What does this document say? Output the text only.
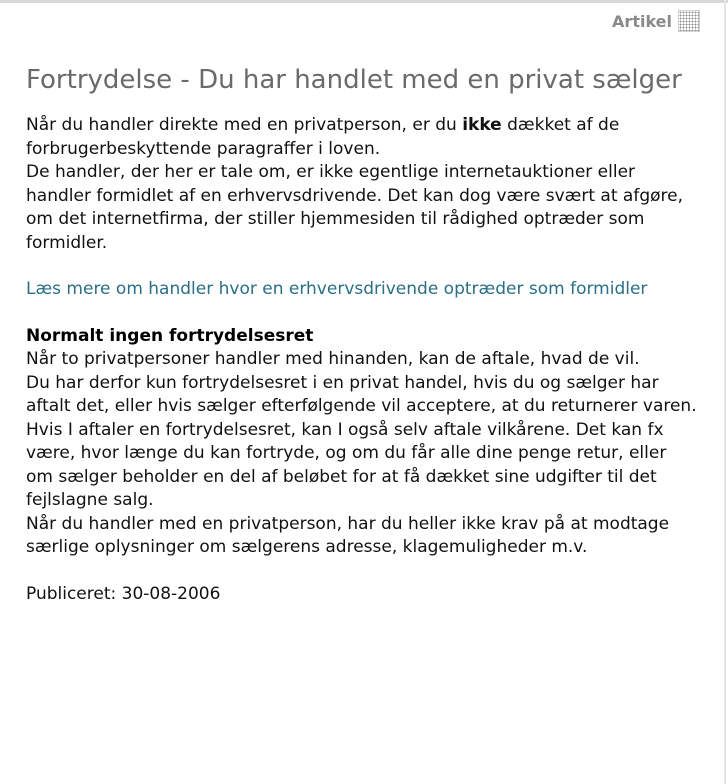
Artikel
Fortrydelse - Du har handlet med en privat sælger

Når du handler direkte med en privatperson, er du ikke dækket af de forbrugerbeskyttende paragraffer i loven.
De handler, der her er tale om, er ikke egentlige internetauktioner eller handler formidlet af en erhvervsdrivende. Det kan dog være svært at afgøre, om det internetfirma, der stiller hjemmesiden til rådighed optræder som formidler.

Læs mere om handler hvor en erhvervsdrivende optræder som formidler
Normalt ingen fortrydelsesret

Når to privatpersoner handler med hinanden, kan de aftale, hvad de vil.

Du har derfor kun fortrydelsesret i en privat handel, hvis du og sælger har aftalt det, eller hvis sælger efterfølgende vil acceptere, at du returnerer varen.

Hvis I aftaler en fortrydelsesret, kan I også selv aftale vilkårene. Det kan fx være, hvor længe du kan fortryde, og om du får alle dine penge retur, eller om sælger beholder en del af beløbet for at få dækket sine udgifter til det fejlslagne salg.

Når du handler med en privatperson, har du heller ikke krav på at modtage særlige oplysninger om sælgerens adresse, klagemuligheder m.v.

Publiceret: 30-08-2006
